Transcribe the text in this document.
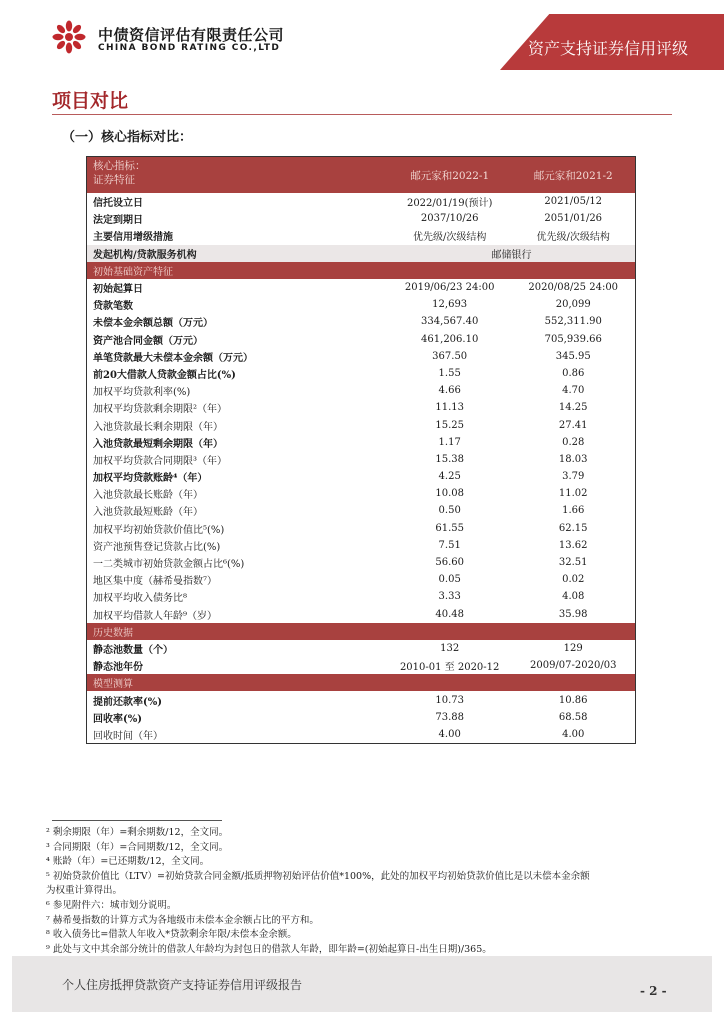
中债资信评估有限责任公司
CHINA BOND RATING CO.,LTD	资产支持证券信用评级
项目对比
（一）核心指标对比：
核心指标：
证券特征	邮元家和2022-1	邮元家和2021-2
信托设立日	2022/01/19(预计)	2021/05/12
法定到期日	2037/10/26	2051/01/26
主要信用增级措施	优先级/次级结构	优先级/次级结构
发起机构/贷款服务机构	邮储银行
初始基础资产特征
初始起算日	2019/06/23 24:00	2020/08/25 24:00
贷款笔数	12,693	20,099
未偿本金余额总额（万元）	334,567.40	552,311.90
资产池合同金额（万元）	461,206.10	705,939.66
单笔贷款最大未偿本金余额（万元）	367.50	345.95
前20大借款人贷款金额占比(%)	1.55	0.86
加权平均贷款利率(%)	4.66	4.70
加权平均贷款剩余期限²（年）	11.13	14.25
入池贷款最长剩余期限（年）	15.25	27.41
入池贷款最短剩余期限（年）	1.17	0.28
加权平均贷款合同期限³（年）	15.38	18.03
加权平均贷款账龄⁴（年）	4.25	3.79
入池贷款最长账龄（年）	10.08	11.02
入池贷款最短账龄（年）	0.50	1.66
加权平均初始贷款价值比⁵(%)	61.55	62.15
资产池预售登记贷款占比(%)	7.51	13.62
一二类城市初始贷款金额占比⁶(%)	56.60	32.51
地区集中度（赫希曼指数⁷）	0.05	0.02
加权平均收入债务比⁸	3.33	4.08
加权平均借款人年龄⁹（岁）	40.48	35.98
历史数据
静态池数量（个）	132	129
静态池年份	2010-01 至 2020-12	2009/07-2020/03
模型测算
提前还款率(%)	10.73	10.86
回收率(%)	73.88	68.58
回收时间（年）	4.00	4.00
² 剩余期限（年）=剩余期数/12，全文同。
³ 合同期限（年）=合同期数/12，全文同。
⁴ 账龄（年）=已还期数/12，全文同。
⁵ 初始贷款价值比（LTV）=初始贷款合同金额/抵质押物初始评估价值*100%，此处的加权平均初始贷款价值比是以未偿本金余额
为权重计算得出。
⁶ 参见附件六：城市划分说明。
⁷ 赫希曼指数的计算方式为各地级市未偿本金余额占比的平方和。
⁸ 收入债务比=借款人年收入*贷款剩余年限/未偿本金余额。
⁹ 此处与文中其余部分统计的借款人年龄均为封包日的借款人年龄，即年龄=(初始起算日-出生日期)/365。
个人住房抵押贷款资产支持证券信用评级报告	- 2 -
